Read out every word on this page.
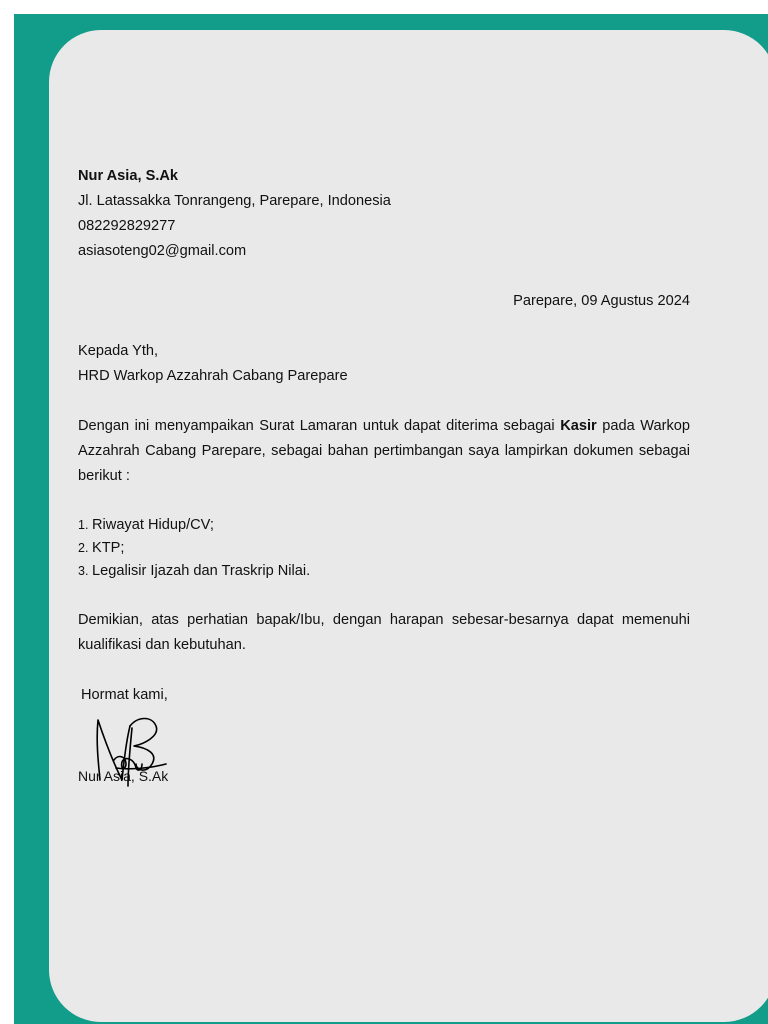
Nur Asia, S.Ak
Jl. Latassakka Tonrangeng, Parepare, Indonesia
082292829277
asiasoteng02@gmail.com
Parepare, 09 Agustus 2024
Kepada Yth,
HRD Warkop Azzahrah Cabang Parepare
Dengan ini menyampaikan Surat Lamaran untuk dapat diterima sebagai Kasir pada Warkop Azzahrah Cabang Parepare, sebagai bahan pertimbangan saya lampirkan dokumen sebagai berikut :
1. Riwayat Hidup/CV;
2. KTP;
3. Legalisir Ijazah dan Traskrip Nilai.
Demikian, atas perhatian bapak/Ibu, dengan harapan sebesar-besarnya dapat memenuhi kualifikasi dan kebutuhan.
Hormat kami,
Nur Asia, S.Ak
